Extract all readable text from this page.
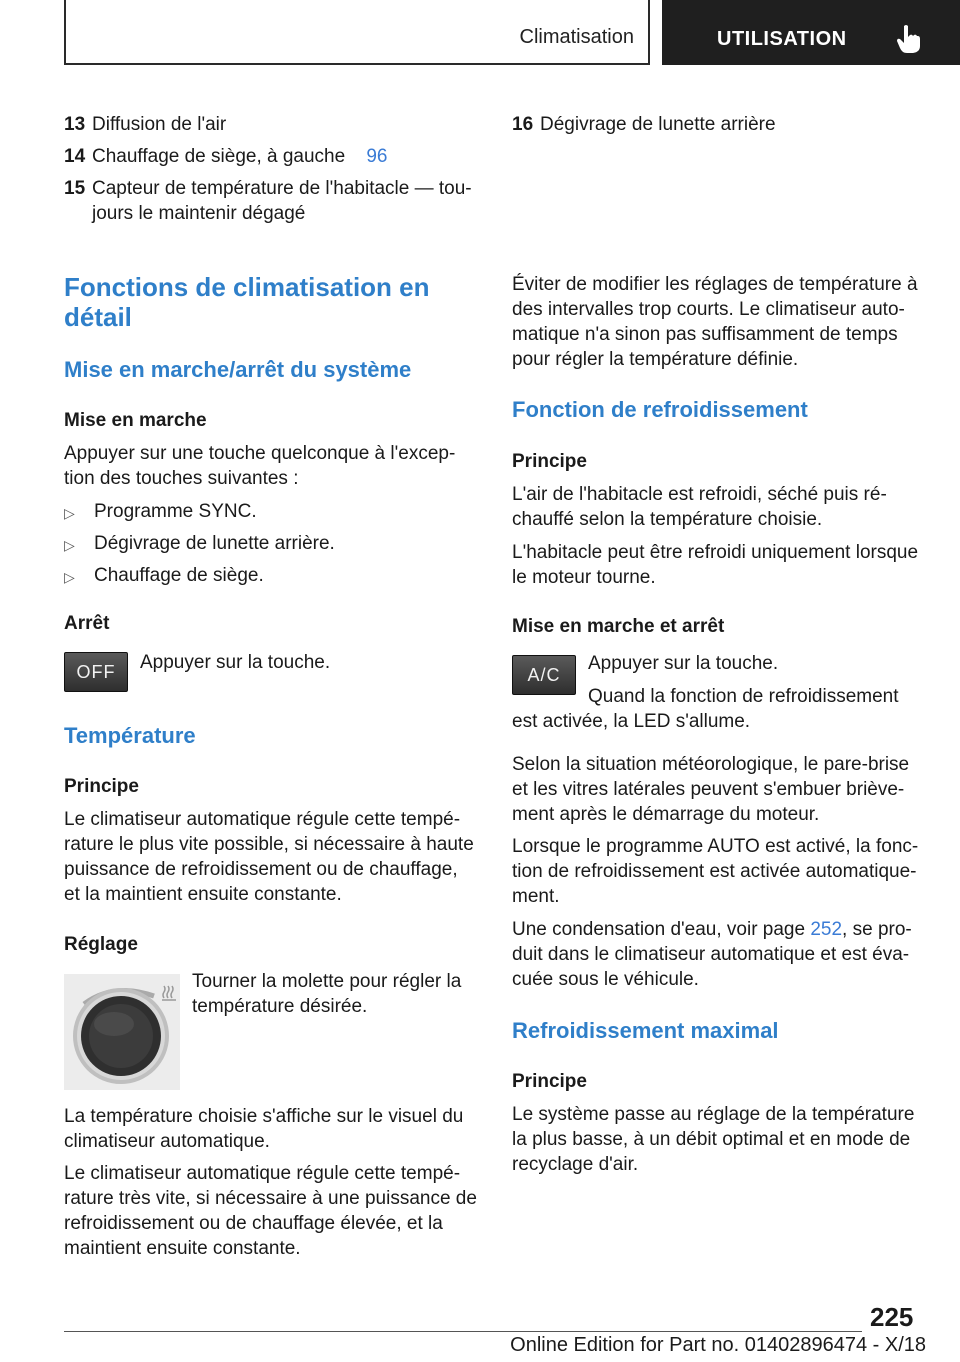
Climatisation	UTILISATION
13 Diffusion de l'air
14 Chauffage de siège, à gauche 96
15 Capteur de température de l'habitacle — tou-
jours le maintenir dégagé
Fonctions de climatisation en
détail
Mise en marche/arrêt du système
Mise en marche
Appuyer sur une touche quelconque à l'excep-
tion des touches suivantes :
▷ Programme SYNC.
▷ Dégivrage de lunette arrière.
▷ Chauffage de siège.
Arrêt
OFF	Appuyer sur la touche.
Température
Principe
Le climatiseur automatique régule cette tempé-
rature le plus vite possible, si nécessaire à haute
puissance de refroidissement ou de chauffage,
et la maintient ensuite constante.
Réglage
Tourner la molette pour régler la
température désirée.
La température choisie s'affiche sur le visuel du
climatiseur automatique.
Le climatiseur automatique régule cette tempé-
rature très vite, si nécessaire à une puissance de
refroidissement ou de chauffage élevée, et la
maintient ensuite constante.
16 Dégivrage de lunette arrière
Éviter de modifier les réglages de température à
des intervalles trop courts. Le climatiseur auto-
matique n'a sinon pas suffisamment de temps
pour régler la température définie.
Fonction de refroidissement
Principe
L'air de l'habitacle est refroidi, séché puis ré-
chauffé selon la température choisie.
L'habitacle peut être refroidi uniquement lorsque
le moteur tourne.
Mise en marche et arrêt
A/C
Appuyer sur la touche.
Quand la fonction de refroidissement
est activée, la LED s'allume.
Selon la situation météorologique, le pare-brise
et les vitres latérales peuvent s'embuer briève-
ment après le démarrage du moteur.
Lorsque le programme AUTO est activé, la fonc-
tion de refroidissement est activée automatique-
ment.
Une condensation d'eau, voir page 252, se pro-
duit dans le climatiseur automatique et est éva-
cuée sous le véhicule.
Refroidissement maximal
Principe
Le système passe au réglage de la température
la plus basse, à un débit optimal et en mode de
recyclage d'air.
225
Online Edition for Part no. 01402896474 - X/18
